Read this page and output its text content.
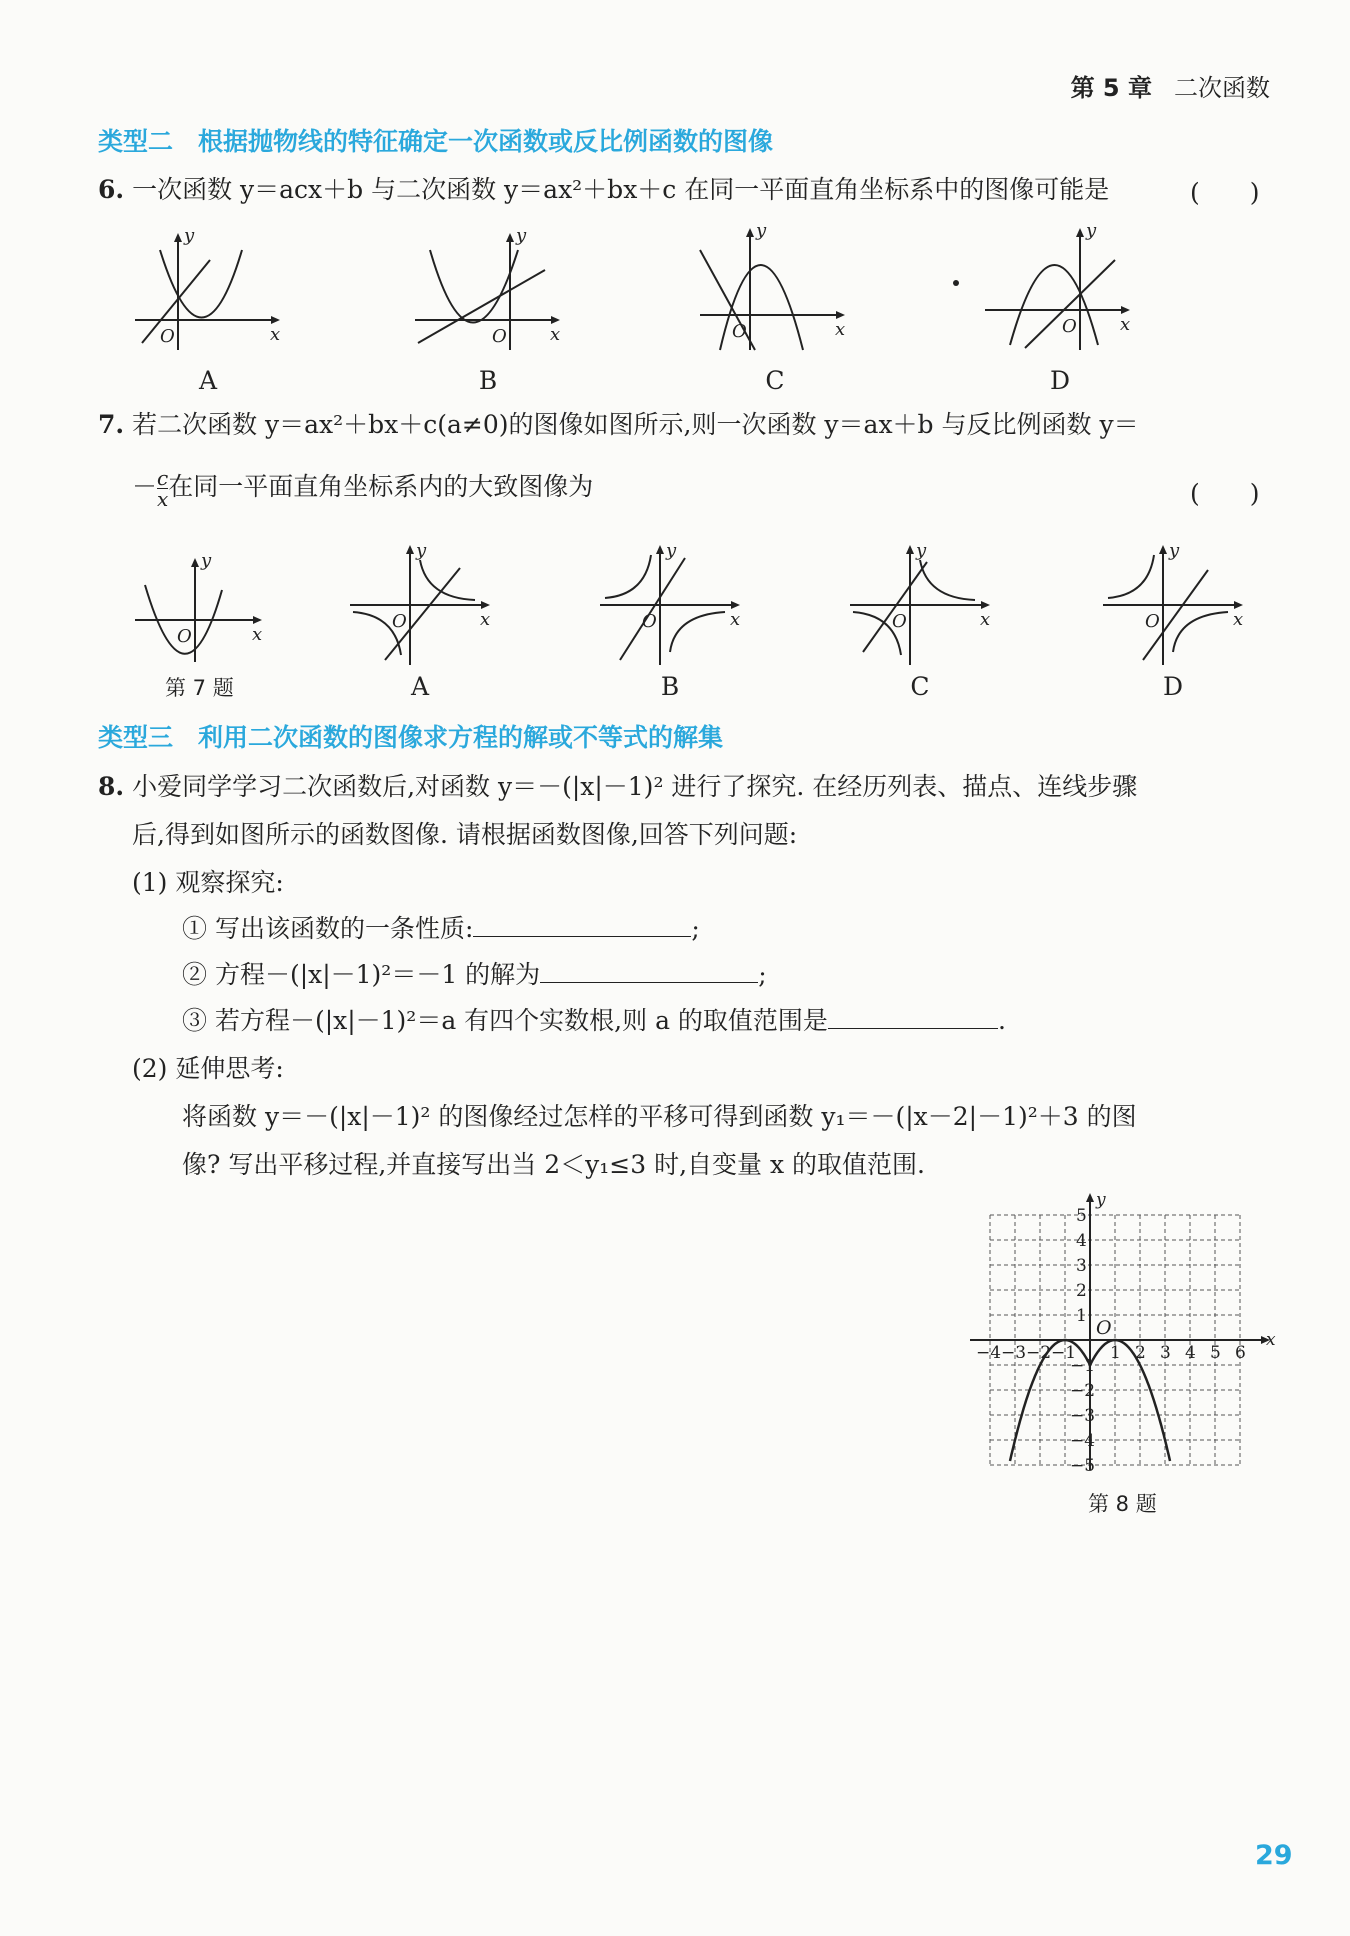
第 5 章 二次函数
类型二　根据抛物线的特征确定一次函数或反比例函数的图像
6. 一次函数 y＝acx＋b 与二次函数 y＝ax²＋bx＋c 在同一平面直角坐标系中的图像可能是	(　　)
y
x
O
A
y
x
O
B
y
x
O
C
y
x
O
D
7. 若二次函数 y＝ax²＋bx＋c(a≠0)的图像如图所示,则一次函数 y＝ax＋b 与反比例函数 y＝
－ $\frac{c}{x}$ 在同一平面直角坐标系内的大致图像为	(　　)
y
x
O
第 7 题
y
x
O
A
y
x
O
B
y
x
O
C
y
x
O
D
类型三　利用二次函数的图像求方程的解或不等式的解集
8. 小爱同学学习二次函数后,对函数 y＝－(|x|－1)² 进行了探究. 在经历列表、描点、连线步骤
后,得到如图所示的函数图像. 请根据函数图像,回答下列问题:
(1) 观察探究:
① 写出该函数的一条性质:	;
② 方程－(|x|－1)²＝－1 的解为	;
③ 若方程－(|x|－1)²＝a 有四个实数根,则 a 的取值范围是	.
(2) 延伸思考:
将函数 y＝－(|x|－1)² 的图像经过怎样的平移可得到函数 y₁＝－(|x－2|－1)²＋3 的图
像? 写出平移过程,并直接写出当 2＜y₁≤3 时,自变量 x 的取值范围.
−4 −3 −2 −1 1 2 3 4 5 6
5
4
3
2
1
−1
−2
−3
−4
−5
x
y
O
第 8 题
29
